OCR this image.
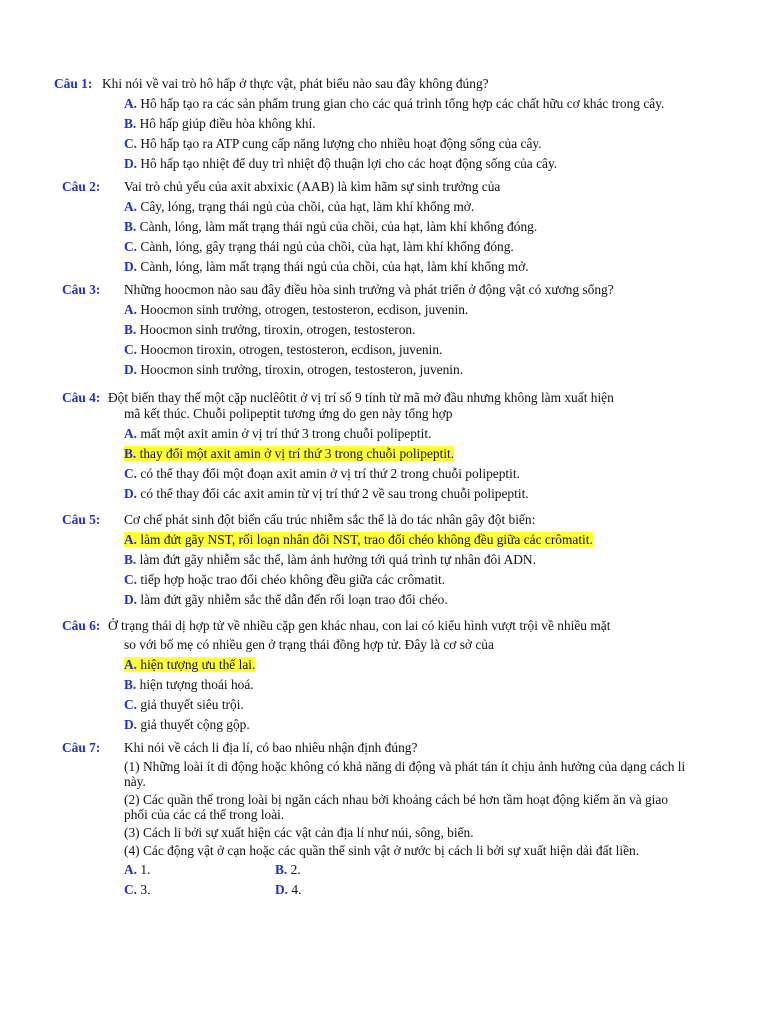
Câu 1: Khi nói về vai trò hô hấp ở thực vật, phát biểu nào sau đây không đúng?
A. Hô hấp tạo ra các sản phẩm trung gian cho các quá trình tổng hợp các chất hữu cơ khác trong cây.
B. Hô hấp giúp điều hòa không khí.
C. Hô hấp tạo ra ATP cung cấp năng lượng cho nhiều hoạt động sống của cây.
D. Hô hấp tạo nhiệt để duy trì nhiệt độ thuận lợi cho các hoạt động sống của cây.
Câu 2: Vai trò chủ yếu của axit abxixic (AAB) là kìm hãm sự sinh trưởng của
A. Cây, lóng, trạng thái ngủ của chồi, của hạt, làm khí khổng mở.
B. Cành, lóng, làm mất trạng thái ngủ của chồi, của hạt, làm khí khổng đóng.
C. Cành, lóng, gây trạng thái ngủ của chồi, của hạt, làm khí khổng đóng.
D. Cành, lóng, làm mất trạng thái ngủ của chồi, của hạt, làm khí khổng mở.
Câu 3: Những hoocmon nào sau đây điều hòa sinh trưởng và phát triển ở động vật có xương sống?
A. Hoocmon sinh trưởng, otrogen, testosteron, ecdison, juvenin.
B. Hoocmon sinh trưởng, tiroxin, otrogen, testosteron.
C. Hoocmon tiroxin, otrogen, testosteron, ecdison, juvenin.
D. Hoocmon sinh trưởng, tiroxin, otrogen, testosteron, juvenin.
Câu 4: Đột biến thay thế một cặp nuclêôtit ở vị trí số 9 tính từ mã mở đầu nhưng không làm xuất hiện
mã kết thúc. Chuỗi polipeptit tương ứng do gen này tổng hợp
A. mất một axit amin ở vị trí thứ 3 trong chuỗi polipeptit.
B. thay đổi một axit amin ở vị trí thứ 3 trong chuỗi polipeptit.
C. có thể thay đổi một đoạn axit amin ở vị trí thứ 2 trong chuỗi polipeptit.
D. có thể thay đổi các axit amin từ vị trí thứ 2 về sau trong chuỗi polipeptit.
Câu 5: Cơ chế phát sinh đột biến cấu trúc nhiễm sắc thể là do tác nhân gây đột biến:
A. làm đứt gãy NST, rối loạn nhân đôi NST, trao đổi chéo không đều giữa các crômatit.
B. làm đứt gãy nhiễm sắc thể, làm ảnh hưởng tới quá trình tự nhân đôi ADN.
C. tiếp hợp hoặc trao đổi chéo không đều giữa các crômatit.
D. làm đứt gãy nhiễm sắc thể dẫn đến rối loạn trao đổi chéo.
Câu 6: Ở trạng thái dị hợp tử về nhiều cặp gen khác nhau, con lai có kiểu hình vượt trội về nhiều mặt
so với bố mẹ có nhiều gen ở trạng thái đồng hợp tử. Đây là cơ sở của
A. hiện tượng ưu thế lai.
B. hiện tượng thoái hoá.
C. giả thuyết siêu trội.
D. giả thuyết cộng gộp.
Câu 7: Khi nói về cách li địa lí, có bao nhiêu nhận định đúng?
(1) Những loài ít di động hoặc không có khả năng di động và phát tán ít chịu ảnh hưởng của dạng cách li này.
(2) Các quần thể trong loài bị ngăn cách nhau bởi khoảng cách bé hơn tầm hoạt động kiếm ăn và giao phối của các cá thể trong loài.
(3) Cách li bởi sự xuất hiện các vật cản địa lí như núi, sông, biển.
(4) Các động vật ở cạn hoặc các quần thể sinh vật ở nước bị cách li bởi sự xuất hiện dải đất liền.
A. 1.	B. 2.
C. 3.	D. 4.
